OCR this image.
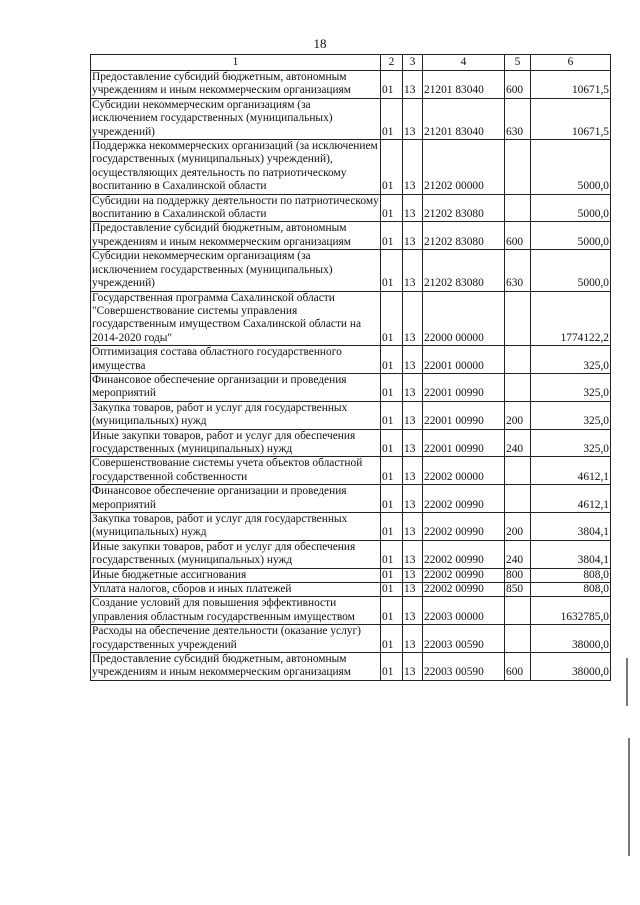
18
1	2	3	4	5	6

Предоставление субсидий бюджетным, автономным учреждениям и иным некоммерческим организациям	01	13	21201 83040	600	10671,5

Субсидии некоммерческим организациям (за исключением государственных (муниципальных) учреждений)	01	13	21201 83040	630	10671,5

Поддержка некоммерческих организаций (за исключением государственных (муниципальных) учреждений), осуществляющих деятельность по патриотическому воспитанию в Сахалинской области	01	13	21202 00000		5000,0

Субсидии на поддержку деятельности по патриотическому воспитанию в Сахалинской области	01	13	21202 83080		5000,0

Предоставление субсидий бюджетным, автономным учреждениям и иным некоммерческим организациям	01	13	21202 83080	600	5000,0

Субсидии некоммерческим организациям (за исключением государственных (муниципальных) учреждений)	01	13	21202 83080	630	5000,0

Государственная программа Сахалинской области "Совершенствование системы управления государственным имуществом Сахалинской области на 2014-2020 годы"	01	13	22000 00000		1774122,2

Оптимизация состава областного государственного имущества	01	13	22001 00000		325,0

Финансовое обеспечение организации и проведения мероприятий	01	13	22001 00990		325,0

Закупка товаров, работ и услуг для государственных (муниципальных) нужд	01	13	22001 00990	200	325,0

Иные закупки товаров, работ и услуг для обеспечения государственных (муниципальных) нужд	01	13	22001 00990	240	325,0

Совершенствование системы учета объектов областной государственной собственности	01	13	22002 00000		4612,1

Финансовое обеспечение организации и проведения мероприятий	01	13	22002 00990		4612,1

Закупка товаров, работ и услуг для государственных (муниципальных) нужд	01	13	22002 00990	200	3804,1

Иные закупки товаров, работ и услуг для обеспечения государственных (муниципальных) нужд	01	13	22002 00990	240	3804,1

Иные бюджетные ассигнования	01	13	22002 00990	800	808,0

Уплата налогов, сборов и иных платежей	01	13	22002 00990	850	808,0

Создание условий для повышения эффективности управления областным государственным имуществом	01	13	22003 00000		1632785,0

Расходы на обеспечение деятельности (оказание услуг) государственных учреждений	01	13	22003 00590		38000,0

Предоставление субсидий бюджетным, автономным учреждениям и иным некоммерческим организациям	01	13	22003 00590	600	38000,0
